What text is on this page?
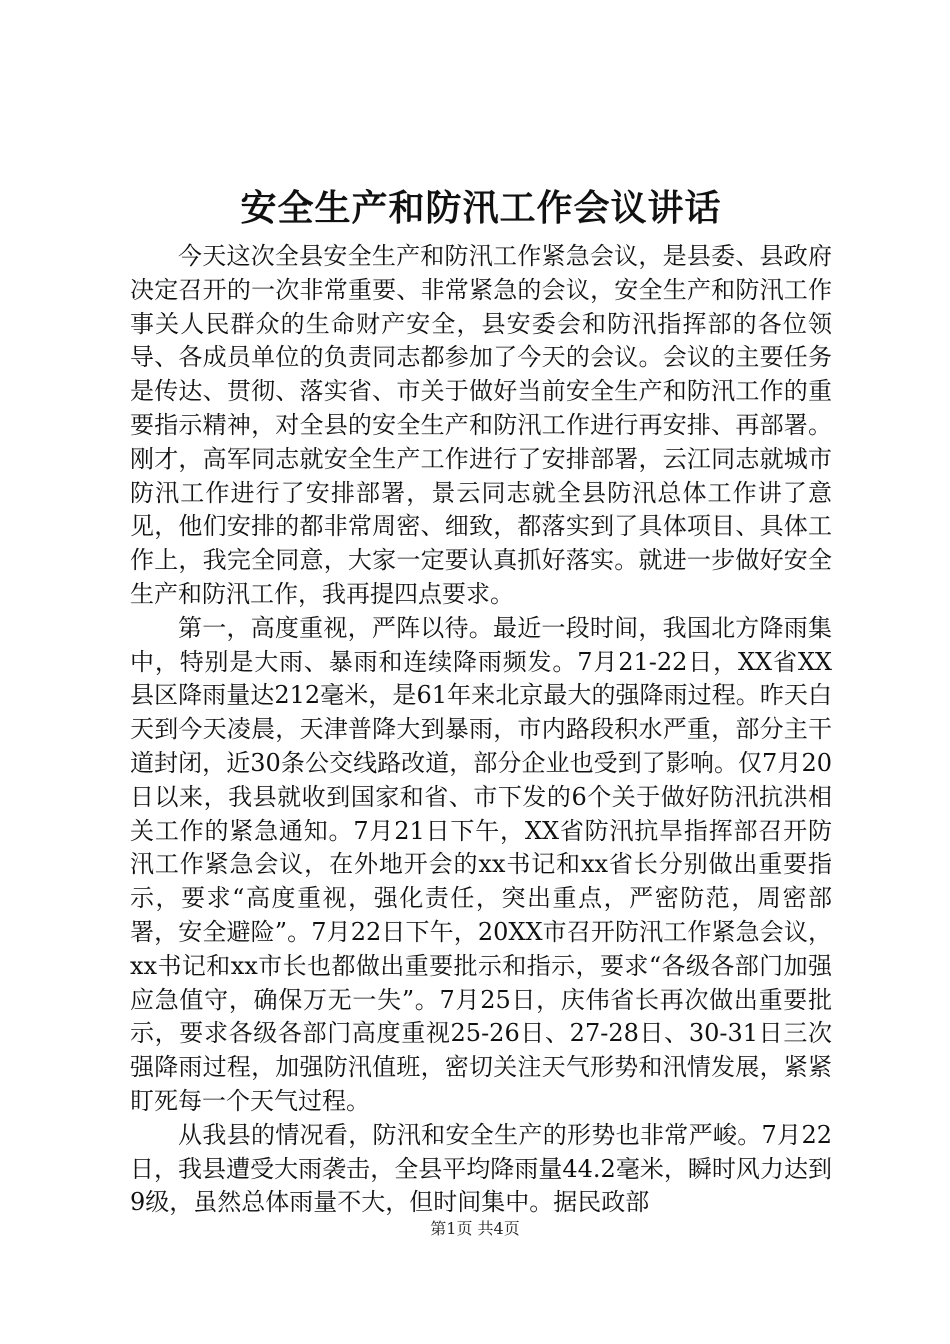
安全生产和防汛工作会议讲话

今天这次全县安全生产和防汛工作紧急会议，是县委、县政府决定召开的一次非常重要、非常紧急的会议，安全生产和防汛工作事关人民群众的生命财产安全，县安委会和防汛指挥部的各位领导、各成员单位的负责同志都参加了今天的会议。会议的主要任务是传达、贯彻、落实省、市关于做好当前安全生产和防汛工作的重要指示精神，对全县的安全生产和防汛工作进行再安排、再部署。刚才，高军同志就安全生产工作进行了安排部署，云江同志就城市防汛工作进行了安排部署，景云同志就全县防汛总体工作讲了意见，他们安排的都非常周密、细致，都落实到了具体项目、具体工作上，我完全同意，大家一定要认真抓好落实。就进一步做好安全生产和防汛工作，我再提四点要求。

第一，高度重视，严阵以待。最近一段时间，我国北方降雨集中，特别是大雨、暴雨和连续降雨频发。7月21-22日，XX省XX县区降雨量达212毫米，是61年来北京最大的强降雨过程。昨天白天到今天凌晨，天津普降大到暴雨，市内路段积水严重，部分主干道封闭，近30条公交线路改道，部分企业也受到了影响。仅7月20日以来，我县就收到国家和省、市下发的6个关于做好防汛抗洪相关工作的紧急通知。7月21日下午，XX省防汛抗旱指挥部召开防汛工作紧急会议，在外地开会的xx书记和xx省长分别做出重要指示，要求“高度重视，强化责任，突出重点，严密防范，周密部署，安全避险”。7月22日下午，20XX市召开防汛工作紧急会议，xx书记和xx市长也都做出重要批示和指示，要求“各级各部门加强应急值守，确保万无一失”。7月25日，庆伟省长再次做出重要批示，要求各级各部门高度重视25-26日、27-28日、30-31日三次强降雨过程，加强防汛值班，密切关注天气形势和汛情发展，紧紧盯死每一个天气过程。

从我县的情况看，防汛和安全生产的形势也非常严峻。7月22日，我县遭受大雨袭击，全县平均降雨量44.2毫米，瞬时风力达到9级，虽然总体雨量不大，但时间集中。据民政部

第1页 共4页
